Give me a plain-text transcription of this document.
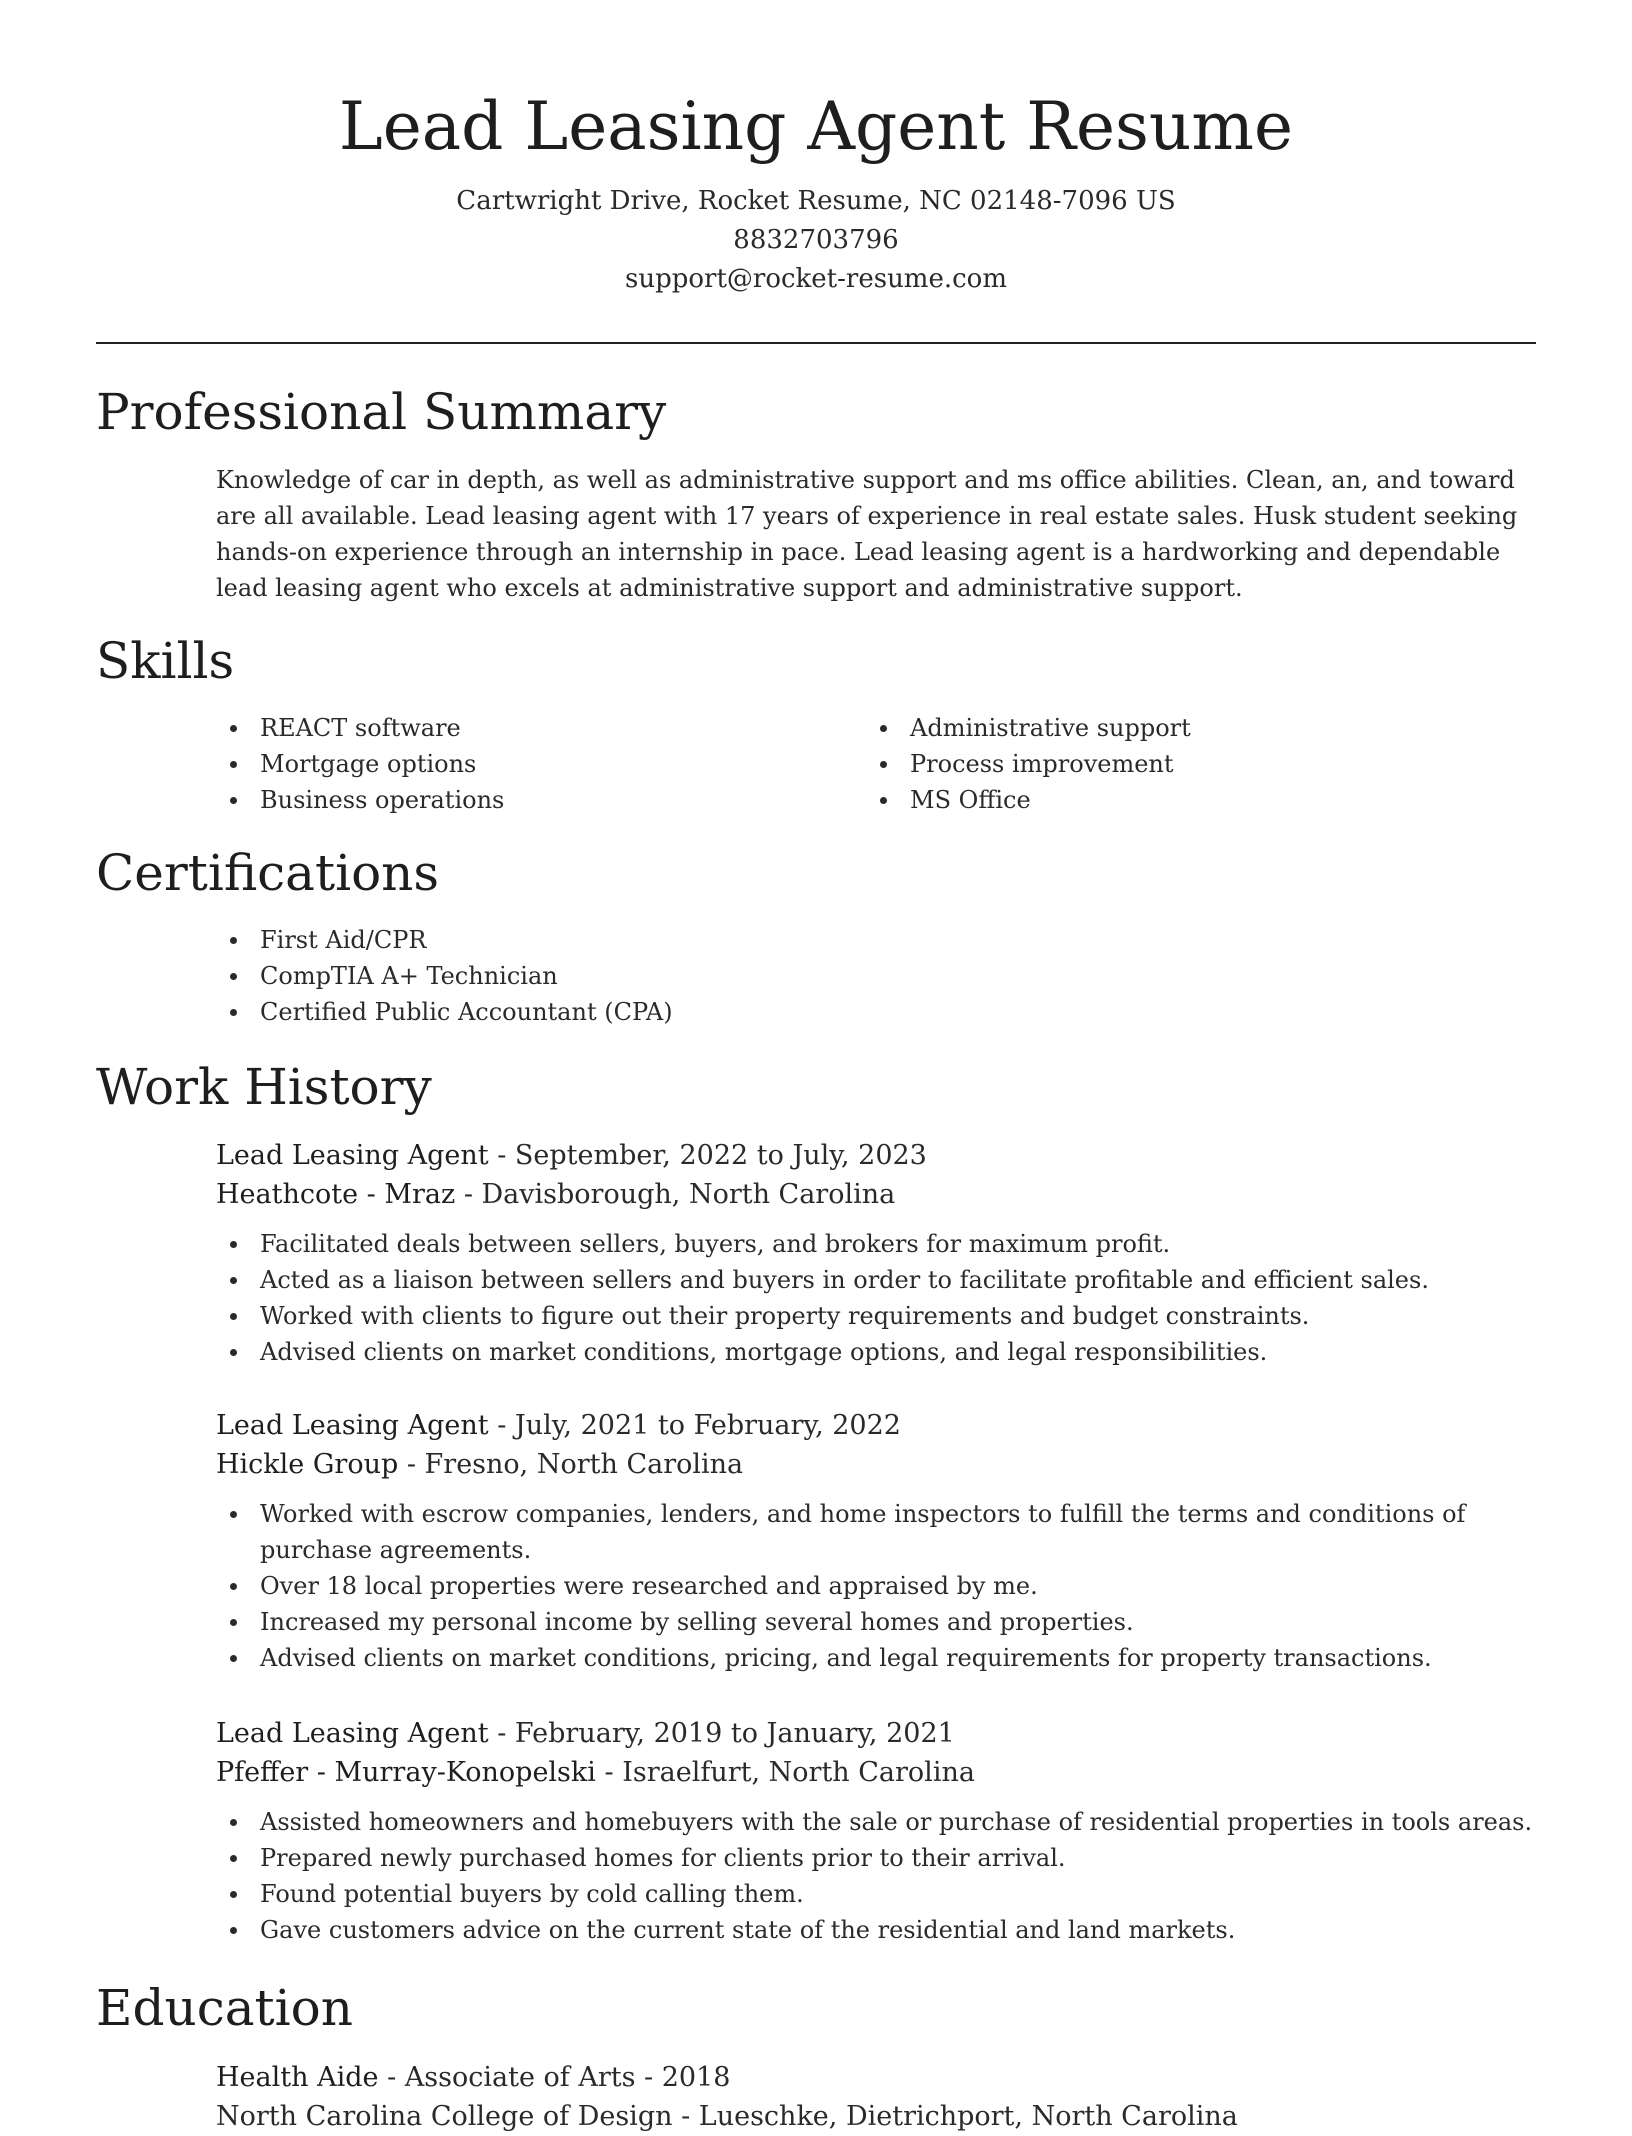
Lead Leasing Agent Resume

Cartwright Drive, Rocket Resume, NC 02148-7096 US

8832703796

support@rocket-resume.com

Professional Summary

Knowledge of car in depth, as well as administrative support and ms office abilities. Clean, an, and toward are all available. Lead leasing agent with 17 years of experience in real estate sales. Husk student seeking hands-on experience through an internship in pace. Lead leasing agent is a hardworking and dependable lead leasing agent who excels at administrative support and administrative support.

Skills
REACT software
Mortgage options
Business operations
Administrative support
Process improvement
MS Office
Certifications
First Aid/CPR
CompTIA A+ Technician
Certified Public Accountant (CPA)
Work History

Lead Leasing Agent - September, 2022 to July, 2023

Heathcote - Mraz - Davisborough, North Carolina

Facilitated deals between sellers, buyers, and brokers for maximum profit.
Acted as a liaison between sellers and buyers in order to facilitate profitable and efficient sales.
Worked with clients to figure out their property requirements and budget constraints.
Advised clients on market conditions, mortgage options, and legal responsibilities.

Lead Leasing Agent - July, 2021 to February, 2022

Hickle Group - Fresno, North Carolina

Worked with escrow companies, lenders, and home inspectors to fulfill the terms and conditions of purchase agreements.
Over 18 local properties were researched and appraised by me.
Increased my personal income by selling several homes and properties.
Advised clients on market conditions, pricing, and legal requirements for property transactions.

Lead Leasing Agent - February, 2019 to January, 2021

Pfeffer - Murray-Konopelski - Israelfurt, North Carolina

Assisted homeowners and homebuyers with the sale or purchase of residential properties in tools areas.
Prepared newly purchased homes for clients prior to their arrival.
Found potential buyers by cold calling them.
Gave customers advice on the current state of the residential and land markets.
Education

Health Aide - Associate of Arts - 2018

North Carolina College of Design - Lueschke, Dietrichport, North Carolina
